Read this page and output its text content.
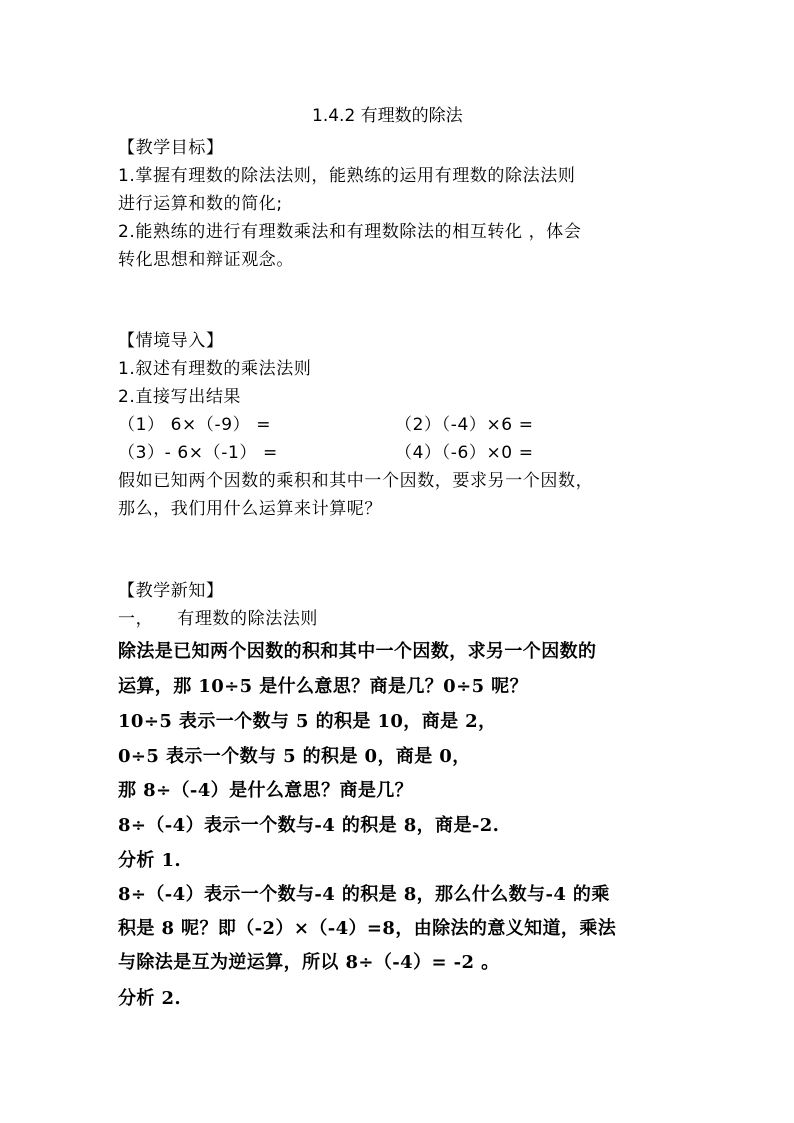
1.4.2 有理数的除法
【教学目标】
1.掌握有理数的除法法则，能熟练的运用有理数的除法法则
进行运算和数的简化;
2.能熟练的进行有理数乘法和有理数除法的相互转化 ，体会
转化思想和辩证观念。
【情境导入】
1.叙述有理数的乘法法则
2.直接写出结果
（1） 6×（-9） =	（2）（-4）×6 =
（3）- 6×（-1） =	（4）（-6）×0 =
假如已知两个因数的乘积和其中一个因数，要求另一个因数，
那么，我们用什么运算来计算呢？
【教学新知】
一，    有理数的除法法则
除法是已知两个因数的积和其中一个因数，求另一个因数的
运算，那 10÷5 是什么意思？商是几？0÷5 呢？
10÷5 表示一个数与 5 的积是 10，商是 2，
0÷5 表示一个数与 5 的积是 0，商是 0，
那 8÷（-4）是什么意思？商是几？
8÷（-4）表示一个数与-4 的积是 8，商是-2.
分析 1.
8÷（-4）表示一个数与-4 的积是 8，那么什么数与-4 的乘
积是 8 呢？即（-2）×（-4）=8，由除法的意义知道，乘法
与除法是互为逆运算，所以 8÷（-4）= -2 。
分析 2.
